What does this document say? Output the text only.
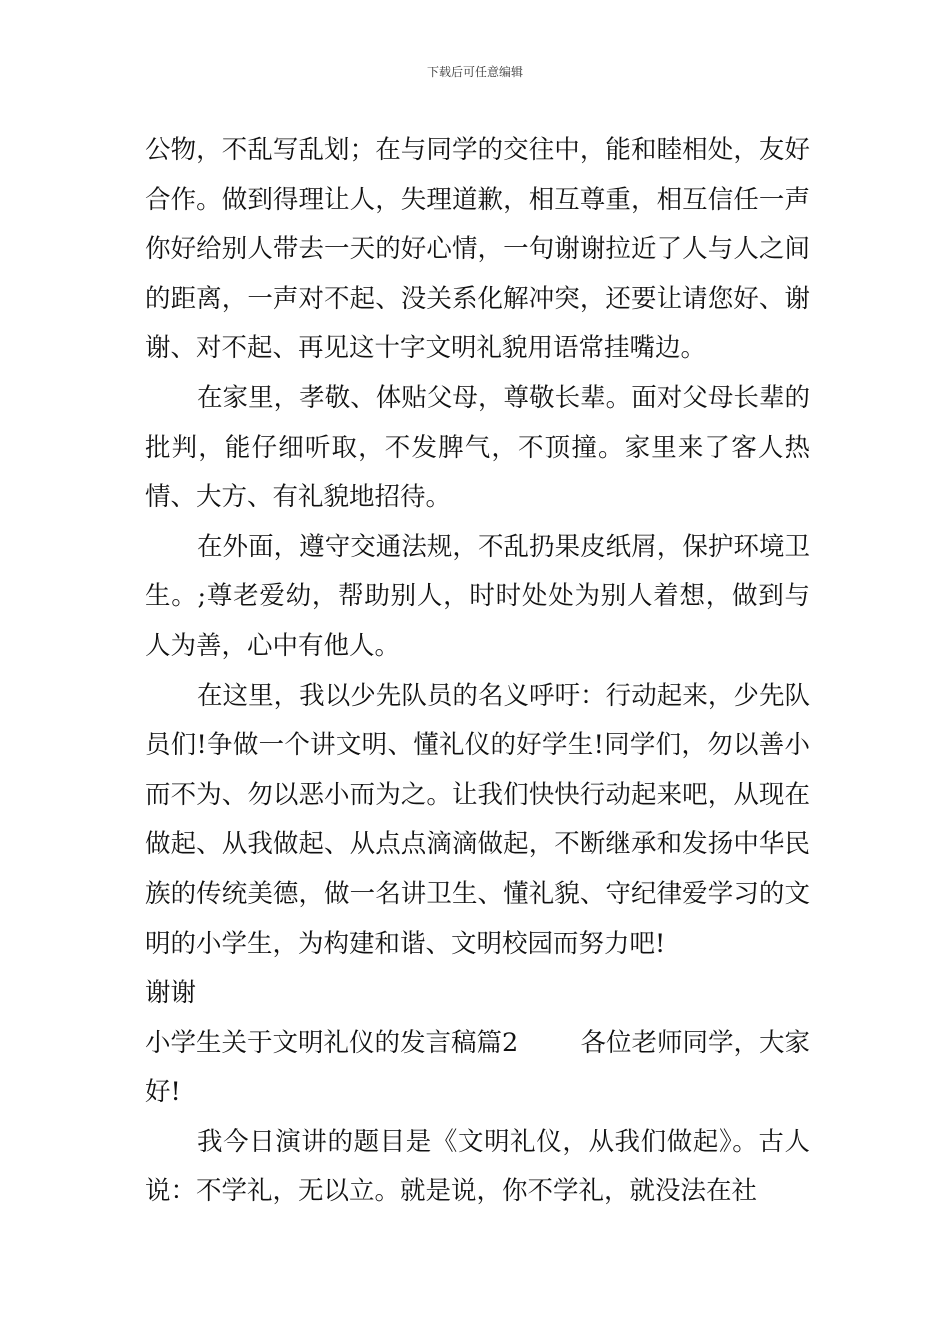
下载后可任意编辑

公物，不乱写乱划；在与同学的交往中，能和睦相处，友好合作。做到得理让人，失理道歉，相互尊重，相互信任一声你好给别人带去一天的好心情，一句谢谢拉近了人与人之间的距离，一声对不起、没关系化解冲突，还要让请您好、谢谢、对不起、再见这十字文明礼貌用语常挂嘴边。

在家里，孝敬、体贴父母，尊敬长辈。面对父母长辈的批判，能仔细听取，不发脾气，不顶撞。家里来了客人热情、大方、有礼貌地招待。

在外面，遵守交通法规，不乱扔果皮纸屑，保护环境卫生。;尊老爱幼，帮助别人，时时处处为别人着想，做到与人为善，心中有他人。

在这里，我以少先队员的名义呼吁：行动起来，少先队员们!争做一个讲文明、懂礼仪的好学生!同学们，勿以善小而不为、勿以恶小而为之。让我们快快行动起来吧，从现在做起、从我做起、从点点滴滴做起，不断继承和发扬中华民族的传统美德，做一名讲卫生、懂礼貌、守纪律爱学习的文明的小学生，为构建和谐、文明校园而努力吧!

谢谢
小学生关于文明礼仪的发言稿篇2 各位老师同学，大家
好!

我今日演讲的题目是《文明礼仪，从我们做起》。古人说：不学礼，无以立。就是说，你不学礼，就没法在社
